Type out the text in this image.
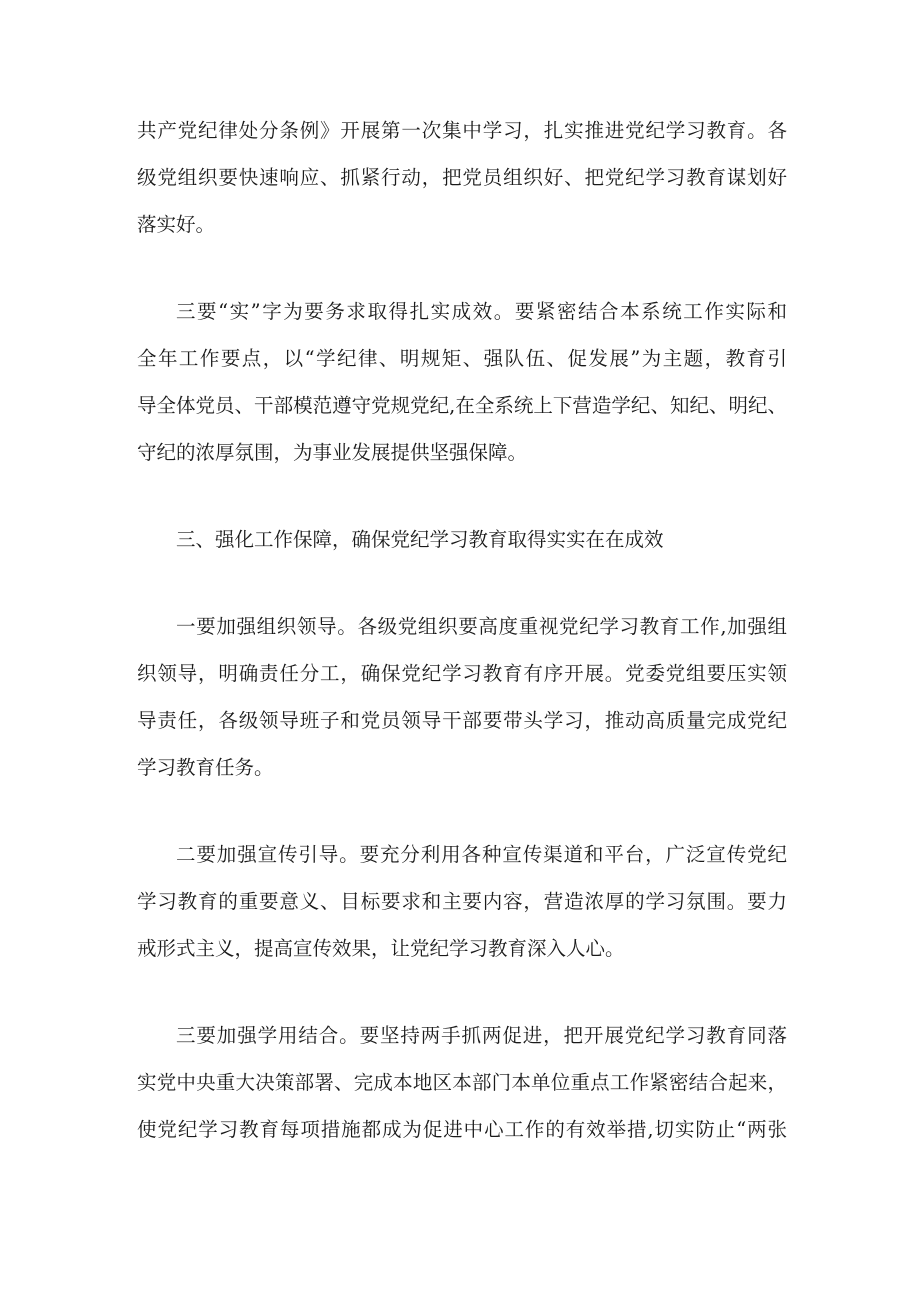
共产党纪律处分条例》开展第一次集中学习，扎实推进党纪学习教育。各
级党组织要快速响应、抓紧行动，把党员组织好、把党纪学习教育谋划好
落实好。
三要“实”字为要务求取得扎实成效。要紧密结合本系统工作实际和
全年工作要点，以“学纪律、明规矩、强队伍、促发展”为主题，教育引
导全体党员、干部模范遵守党规党纪,在全系统上下营造学纪、知纪、明纪、
守纪的浓厚氛围，为事业发展提供坚强保障。
三、强化工作保障，确保党纪学习教育取得实实在在成效
一要加强组织领导。各级党组织要高度重视党纪学习教育工作,加强组
织领导，明确责任分工，确保党纪学习教育有序开展。党委党组要压实领
导责任，各级领导班子和党员领导干部要带头学习，推动高质量完成党纪
学习教育任务。
二要加强宣传引导。要充分利用各种宣传渠道和平台，广泛宣传党纪
学习教育的重要意义、目标要求和主要内容，营造浓厚的学习氛围。要力
戒形式主义，提高宣传效果，让党纪学习教育深入人心。
三要加强学用结合。要坚持两手抓两促进，把开展党纪学习教育同落
实党中央重大决策部署、完成本地区本部门本单位重点工作紧密结合起来，
使党纪学习教育每项措施都成为促进中心工作的有效举措,切实防止“两张
